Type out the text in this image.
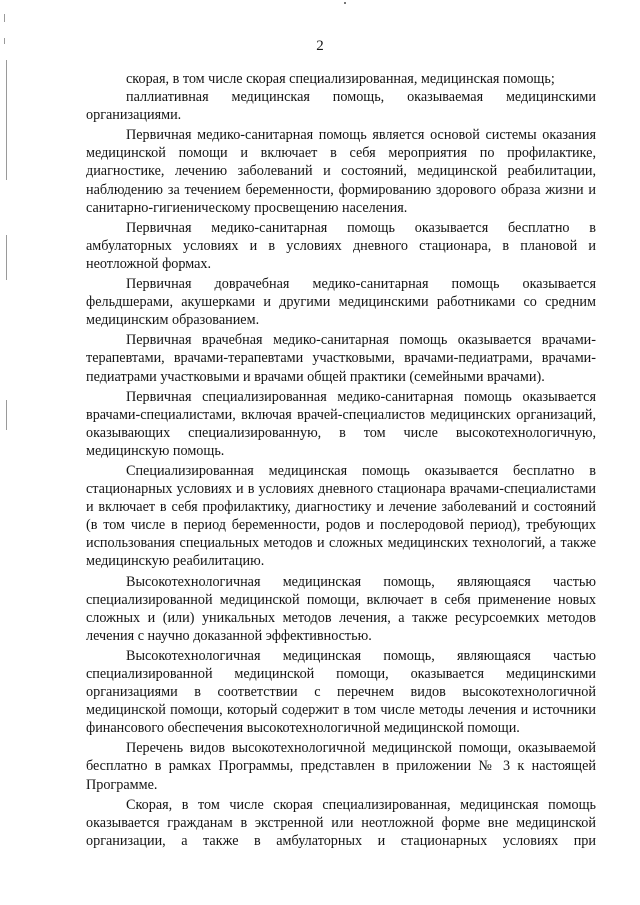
2

скорая, в том числе скорая специализированная, медицинская помощь;

паллиативная медицинская помощь, оказываемая медицинскими организациями.

Первичная медико-санитарная помощь является основой системы оказания медицинской помощи и включает в себя мероприятия по профилактике, диагностике, лечению заболеваний и состояний, медицинской реабилитации, наблюдению за течением беременности, формированию здорового образа жизни и санитарно-гигиеническому просвещению населения.

Первичная медико-санитарная помощь оказывается бесплатно в амбулаторных условиях и в условиях дневного стационара, в плановой и неотложной формах.

Первичная доврачебная медико-санитарная помощь оказывается фельдшерами, акушерками и другими медицинскими работниками со средним медицинским образованием.

Первичная врачебная медико-санитарная помощь оказывается врачами-терапевтами, врачами-терапевтами участковыми, врачами-педиатрами, врачами-педиатрами участковыми и врачами общей практики (семейными врачами).

Первичная специализированная медико-санитарная помощь оказывается врачами-специалистами, включая врачей-специалистов медицинских организаций, оказывающих специализированную, в том числе высокотехнологичную, медицинскую помощь.

Специализированная медицинская помощь оказывается бесплатно в стационарных условиях и в условиях дневного стационара врачами-специалистами и включает в себя профилактику, диагностику и лечение заболеваний и состояний (в том числе в период беременности, родов и послеродовой период), требующих использования специальных методов и сложных медицинских технологий, а также медицинскую реабилитацию.

Высокотехнологичная медицинская помощь, являющаяся частью специализированной медицинской помощи, включает в себя применение новых сложных и (или) уникальных методов лечения, а также ресурсоемких методов лечения с научно доказанной эффективностью.

Высокотехнологичная медицинская помощь, являющаяся частью специализированной медицинской помощи, оказывается медицинскими организациями в соответствии с перечнем видов высокотехнологичной медицинской помощи, который содержит в том числе методы лечения и источники финансового обеспечения высокотехнологичной медицинской помощи.

Перечень видов высокотехнологичной медицинской помощи, оказываемой бесплатно в рамках Программы, представлен в приложении № 3 к настоящей Программе.

Скорая, в том числе скорая специализированная, медицинская помощь оказывается гражданам в экстренной или неотложной форме вне медицинской организации, а также в амбулаторных и стационарных условиях при
